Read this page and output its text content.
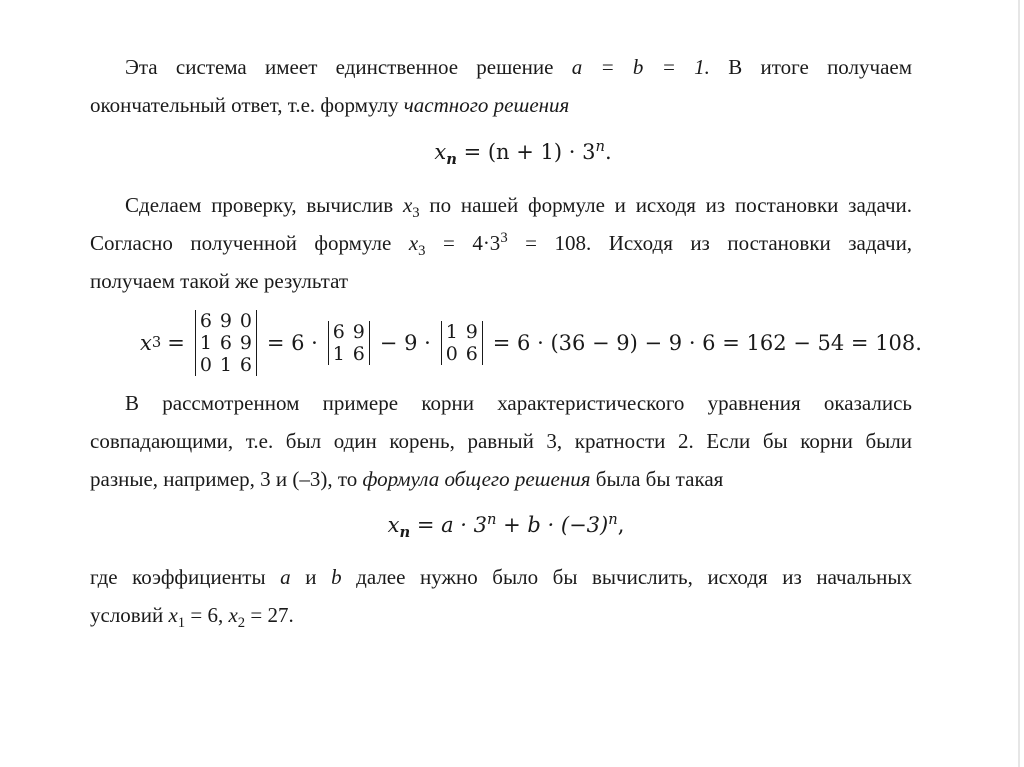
Эта система имеет единственное решение a = b = 1. В итоге получаем
окончательный ответ, т.е. формулу частного решения
$x_n = (n + 1) \cdot 3^n$.
Сделаем проверку, вычислив $x_3$ по нашей формуле и исходя из постановки задачи.
Согласно полученной формуле $x_3 = 4\cdot 3^3 = 108$. Исходя из постановки задачи,
получаем такой же результат
x 3 =
6 9 0
1 6 9
0 1 6
= 6 · 6 9
1 6 − 9 · 1 9
0 6 = 6 · (36 − 9) − 9 · 6 = 162 − 54 = 108.
В рассмотренном примере корни характеристического уравнения оказались
совпадающими, т.е. был один корень, равный 3, кратности 2. Если бы корни были
разные, например, 3 и (–3), то формула общего решения была бы такая
$x_n = a \cdot 3^n + b \cdot (-3)^n$,
где коэффициенты a и b далее нужно было бы вычислить, исходя из начальных
условий $x_1 = 6$, $x_2 = 27$.
